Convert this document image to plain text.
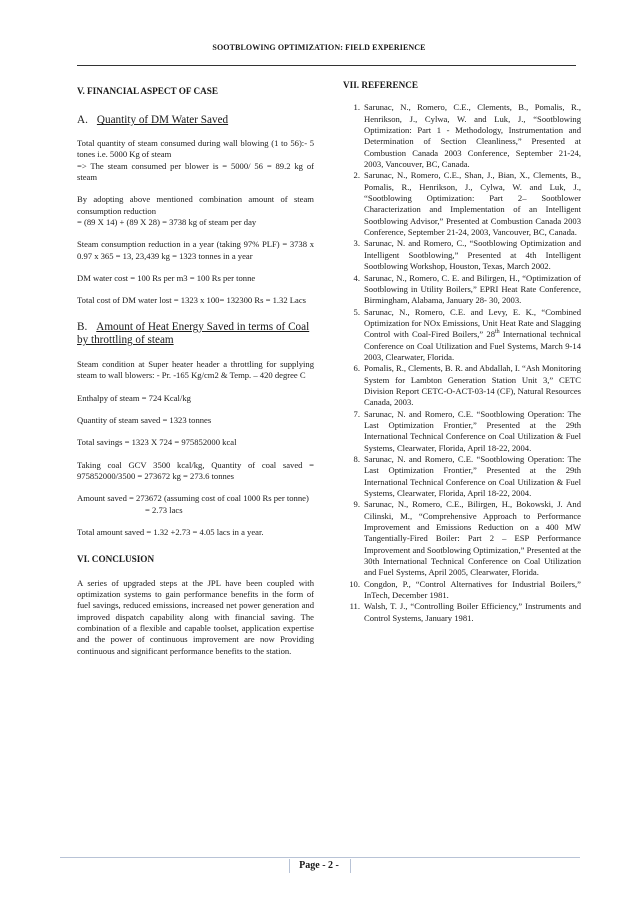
SOOTBLOWING OPTIMIZATION: FIELD EXPERIENCE
V. FINANCIAL ASPECT OF CASE
A. Quantity of DM Water Saved

Total quantity of steam consumed during wall blowing (1 to 56):- 5 tones i.e. 5000 Kg of steam
=> The steam consumed per blower is = 5000/ 56 = 89.2 kg of steam

By adopting above mentioned combination amount of steam consumption reduction
= (89 X 14) + (89 X 28) = 3738 kg of steam per day

Steam consumption reduction in a year (taking 97% PLF) = 3738 x 0.97 x 365 = 13, 23,439 kg = 1323 tonnes in a year

DM water cost = 100 Rs per m3 = 100 Rs per tonne

Total cost of DM water lost = 1323 x 100= 132300 Rs = 1.32 Lacs

B. Amount of Heat Energy Saved in terms of Coal by throttling of steam

Steam condition at Super heater header a throttling for supplying steam to wall blowers: - Pr. -165 Kg/cm2 & Temp. – 420 degree C

Enthalpy of steam = 724 Kcal/kg

Quantity of steam saved = 1323 tonnes

Total savings = 1323 X 724 = 975852000 kcal

Taking coal GCV 3500 kcal/kg, Quantity of coal saved = 975852000/3500 = 273672 kg = 273.6 tonnes

Amount saved = 273672 (assuming cost of coal 1000 Rs per tonne)

= 2.73 lacs

Total amount saved = 1.32 +2.73 = 4.05 lacs in a year.

VI. CONCLUSION

A series of upgraded steps at the JPL have been coupled with optimization systems to gain performance benefits in the form of fuel savings, reduced emissions, increased net power generation and improved dispatch capability along with financial saving. The combination of a flexible and capable toolset, application expertise and the power of continuous improvement are now Providing continuous and significant performance benefits to the station.

VII. REFERENCE
1. Sarunac, N., Romero, C.E., Clements, B., Pomalis, R., Henrikson, J., Cylwa, W. and Luk, J., “Sootblowing Optimization: Part 1 - Methodology, Instrumentation and Determination of Section Cleanliness,” Presented at Combustion Canada 2003 Conference, September 21-24, 2003, Vancouver, BC, Canada.
2. Sarunac, N., Romero, C.E., Shan, J., Bian, X., Clements, B., Pomalis, R., Henrikson, J., Cylwa, W. and Luk, J., “Sootblowing Optimization: Part 2– Sootblower Characterization and Implementation of an Intelligent Sootblowing Advisor,” Presented at Combustion Canada 2003 Conference, September 21-24, 2003, Vancouver, BC, Canada.
3. Sarunac, N. and Romero, C., “Sootblowing Optimization and Intelligent Sootblowing,” Presented at 4th Intelligent Sootblowing Workshop, Houston, Texas, March 2002.
4. Sarunac, N., Romero, C. E. and Bilirgen, H., “Optimization of Sootblowing in Utility Boilers,” EPRI Heat Rate Conference, Birmingham, Alabama, January 28- 30, 2003.
5. Sarunac, N., Romero, C.E. and Levy, E. K., “Combined Optimization for NOx Emissions, Unit Heat Rate and Slagging Control with Coal-Fired Boilers,” 28th International technical Conference on Coal Utilization and Fuel Systems, March 9-14 2003, Clearwater, Florida.
6. Pomalis, R., Clements, B. R. and Abdallah, I. “Ash Monitoring System for Lambton Generation Station Unit 3,” CETC Division Report CETC-O-ACT-03-14 (CF), Natural Resources Canada, 2003.
7. Sarunac, N. and Romero, C.E. “Sootblowing Operation: The Last Optimization Frontier,” Presented at the 29th International Technical Conference on Coal Utilization & Fuel Systems, Clearwater, Florida, April 18-22, 2004.
8. Sarunac, N. and Romero, C.E. “Sootblowing Operation: The Last Optimization Frontier,” Presented at the 29th International Technical Conference on Coal Utilization & Fuel Systems, Clearwater, Florida, April 18-22, 2004.
9. Sarunac, N., Romero, C.E., Bilirgen, H., Bokowski, J. And Cilinski, M., “Comprehensive Approach to Performance Improvement and Emissions Reduction on a 400 MW Tangentially-Fired Boiler: Part 2 – ESP Performance Improvement and Sootblowing Optimization,” Presented at the 30th International Technical Conference on Coal Utilization and Fuel Systems, April 2005, Clearwater, Florida.
10. Congdon, P., “Control Alternatives for Industrial Boilers,” InTech, December 1981.
11. Walsh, T. J., “Controlling Boiler Efficiency,” Instruments and Control Systems, January 1981.
Page - 2 -
